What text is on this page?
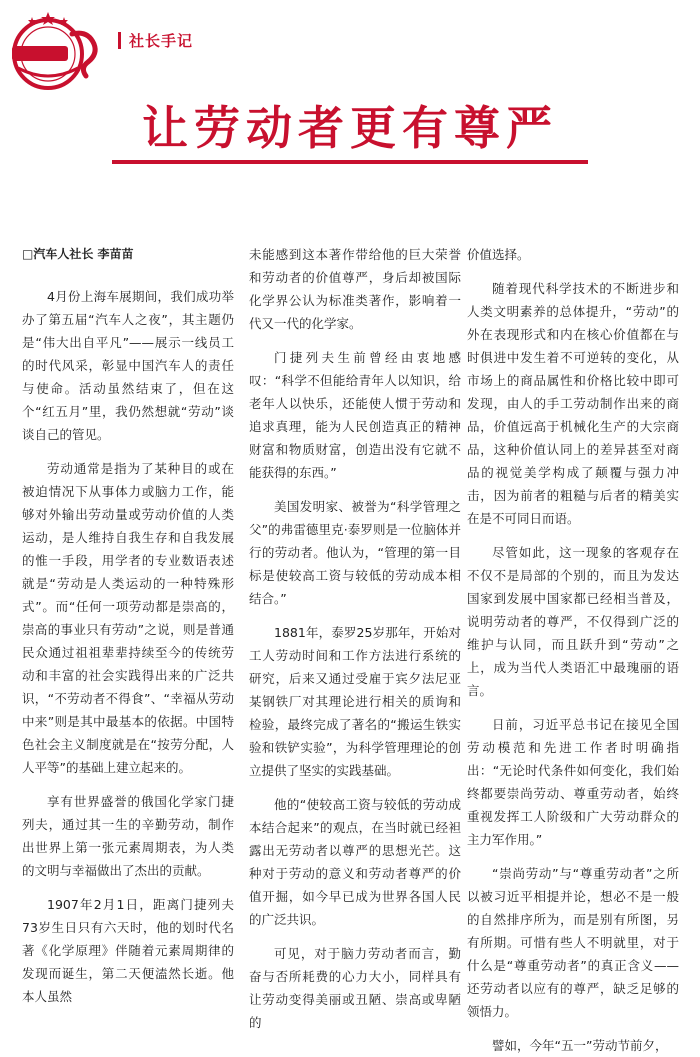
社长手记
让劳动者更有尊严

□汽车人社长 李苗苗

4月份上海车展期间，我们成功举办了第五届“汽车人之夜”，其主题仍是“伟大出自平凡”——展示一线员工的时代风采，彰显中国汽车人的责任与使命。活动虽然结束了，但在这个“红五月”里，我仍然想就“劳动”谈谈自己的管见。

劳动通常是指为了某种目的或在被迫情况下从事体力或脑力工作，能够对外输出劳动量或劳动价值的人类运动，是人维持自我生存和自我发展的惟一手段，用学者的专业数语表述就是“劳动是人类运动的一种特殊形式”。而“任何一项劳动都是崇高的，崇高的事业只有劳动”之说，则是普通民众通过祖祖辈辈持续至今的传统劳动和丰富的社会实践得出来的广泛共识，“不劳动者不得食”、“幸福从劳动中来”则是其中最基本的依据。中国特色社会主义制度就是在“按劳分配，人人平等”的基础上建立起来的。

享有世界盛誉的俄国化学家门捷列夫，通过其一生的辛勤劳动，制作出世界上第一张元素周期表，为人类的文明与幸福做出了杰出的贡献。

1907年2月1日，距离门捷列夫73岁生日只有六天时，他的划时代名著《化学原理》伴随着元素周期律的发现而诞生，第二天便溘然长逝。他本人虽然

未能感到这本著作带给他的巨大荣誉和劳动者的价值尊严，身后却被国际化学界公认为标准类著作，影响着一代又一代的化学家。

门捷列夫生前曾经由衷地感叹：“科学不但能给青年人以知识，给老年人以快乐，还能使人惯于劳动和追求真理，能为人民创造真正的精神财富和物质财富，创造出没有它就不能获得的东西。”

美国发明家、被誉为“科学管理之父”的弗雷德里克·泰罗则是一位脑体并行的劳动者。他认为，“管理的第一目标是使较高工资与较低的劳动成本相结合。”

1881年，泰罗25岁那年，开始对工人劳动时间和工作方法进行系统的研究，后来又通过受雇于宾夕法尼亚某钢铁厂对其理论进行相关的质询和检验，最终完成了著名的“搬运生铁实验和铁铲实验”，为科学管理理论的创立提供了坚实的实践基础。

他的“使较高工资与较低的劳动成本结合起来”的观点，在当时就已经袒露出无劳动者以尊严的思想光芒。这种对于劳动的意义和劳动者尊严的价值开掘，如今早已成为世界各国人民的广泛共识。

可见，对于脑力劳动者而言，勤奋与否所耗费的心力大小，同样具有让劳动变得美丽或丑陋、崇高或卑陋的

价值选择。

随着现代科学技术的不断进步和人类文明素养的总体提升，“劳动”的外在表现形式和内在核心价值都在与时俱进中发生着不可逆转的变化，从市场上的商品属性和价格比较中即可发现，由人的手工劳动制作出来的商品，价值远高于机械化生产的大宗商品，这种价值认同上的差异甚至对商品的视觉美学构成了颠覆与强力冲击，因为前者的粗糙与后者的精美实在是不可同日而语。

尽管如此，这一现象的客观存在不仅不是局部的个别的，而且为发达国家到发展中国家都已经相当普及，说明劳动者的尊严，不仅得到广泛的维护与认同，而且跃升到“劳动”之上，成为当代人类语汇中最瑰丽的语言。

日前，习近平总书记在接见全国劳动模范和先进工作者时明确指出：“无论时代条件如何变化，我们始终都要崇尚劳动、尊重劳动者，始终重视发挥工人阶级和广大劳动群众的主力军作用。”

“崇尚劳动”与“尊重劳动者”之所以被习近平相提并论，想必不是一般的自然排序所为，而是别有所图，另有所期。可惜有些人不明就里，对于什么是“尊重劳动者”的真正含义——还劳动者以应有的尊严，缺乏足够的领悟力。

譬如，今年“五一”劳动节前夕，
